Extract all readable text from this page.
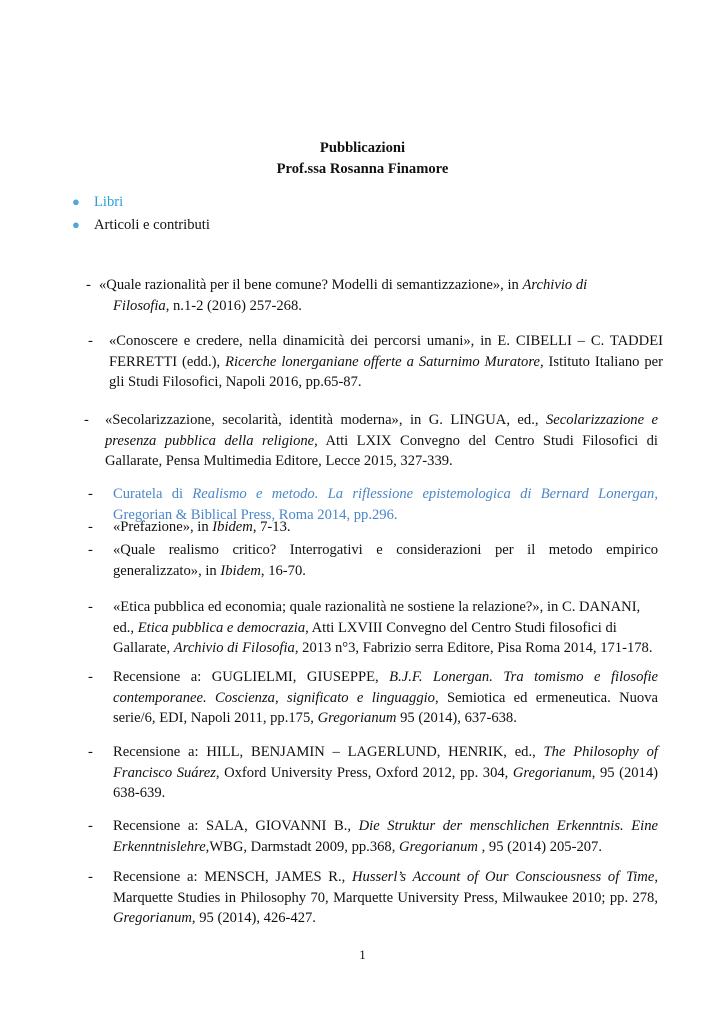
Pubblicazioni

Prof.ssa Rosanna Finamore

● Libri
● Articoli e contributi
- «Quale razionalità per il bene comune? Modelli di semantizzazione», in Archivio di Filosofia, n.1-2 (2016) 257-268.
- «Conoscere e credere, nella dinamicità dei percorsi umani», in E. CIBELLI – C. TADDEI FERRETTI (edd.), Ricerche lonerganiane offerte a Saturnimo Muratore, Istituto Italiano per gli Studi Filosofici, Napoli 2016, pp.65-87.
- «Secolarizzazione, secolarità, identità moderna», in G. LINGUA, ed., Secolarizzazione e presenza pubblica della religione, Atti LXIX Convegno del Centro Studi Filosofici di Gallarate, Pensa Multimedia Editore, Lecce 2015, 327-339.
- Curatela di Realismo e metodo. La riflessione epistemologica di Bernard Lonergan, Gregorian & Biblical Press, Roma 2014, pp.296.
- «Prefazione», in Ibidem, 7-13.
- «Quale realismo critico? Interrogativi e considerazioni per il metodo empirico generalizzato», in Ibidem, 16-70.
- «Etica pubblica ed economia; quale razionalità ne sostiene la relazione?», in C. DANANI, ed., Etica pubblica e democrazia, Atti LXVIII Convegno del Centro Studi filosofici di Gallarate, Archivio di Filosofia, 2013 n°3, Fabrizio serra Editore, Pisa Roma 2014, 171-178.
- Recensione a: GUGLIELMI, GIUSEPPE, B.J.F. Lonergan. Tra tomismo e filosofie contemporanee. Coscienza, significato e linguaggio, Semiotica ed ermeneutica. Nuova serie/6, EDI, Napoli 2011, pp.175, Gregorianum 95 (2014), 637-638.
- Recensione a: HILL, BENJAMIN – LAGERLUND, HENRIK, ed., The Philosophy of Francisco Suárez, Oxford University Press, Oxford 2012, pp. 304, Gregorianum, 95 (2014) 638-639.
- Recensione a: SALA, GIOVANNI B., Die Struktur der menschlichen Erkenntnis. Eine Erkenntnislehre,WBG, Darmstadt 2009, pp.368, Gregorianum , 95 (2014) 205-207.
- Recensione a: MENSCH, JAMES R., Husserl’s Account of Our Consciousness of Time, Marquette Studies in Philosophy 70, Marquette University Press, Milwaukee 2010; pp. 278, Gregorianum, 95 (2014), 426-427.
1
